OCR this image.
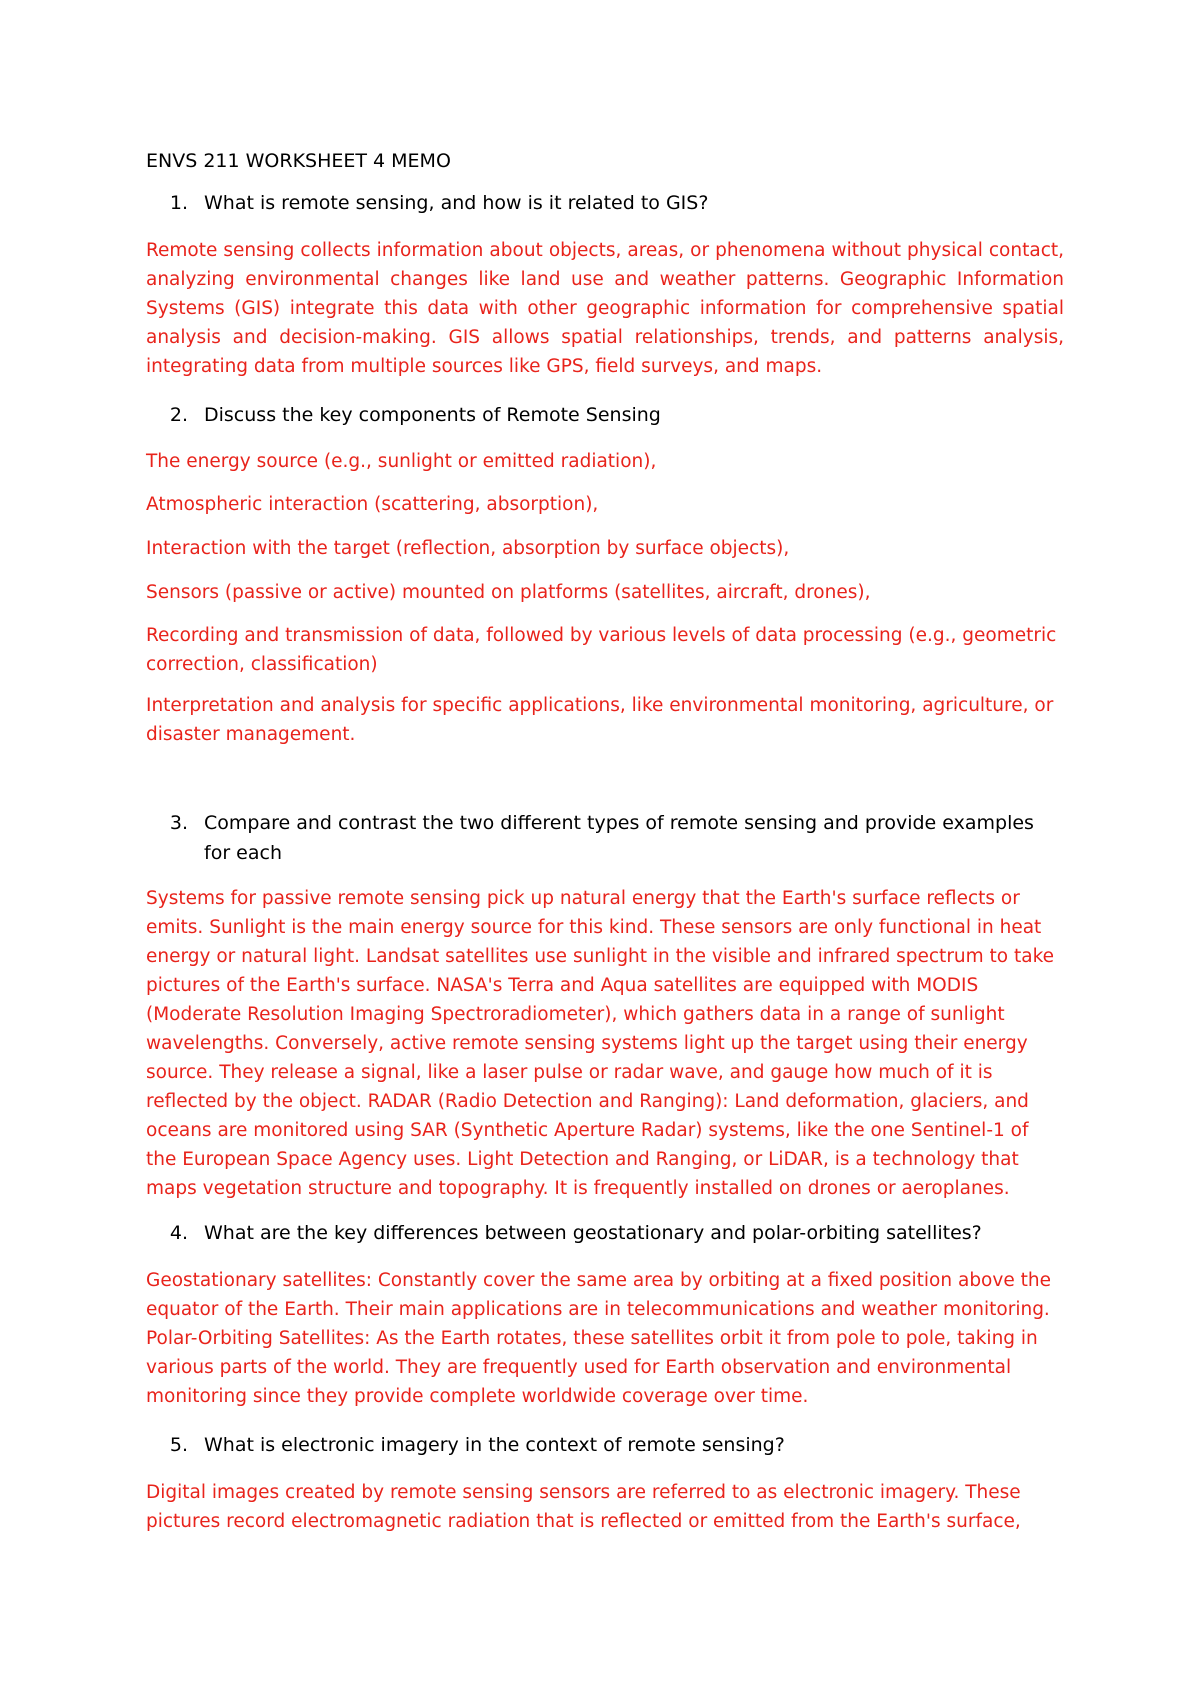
ENVS 211 WORKSHEET 4 MEMO

1. What is remote sensing, and how is it related to GIS?

Remote sensing collects information about objects, areas, or phenomena without physical contact, analyzing environmental changes like land use and weather patterns. Geographic Information Systems (GIS) integrate this data with other geographic information for comprehensive spatial analysis and decision-making. GIS allows spatial relationships, trends, and patterns analysis, integrating data from multiple sources like GPS, field surveys, and maps.

2. Discuss the key components of Remote Sensing

The energy source (e.g., sunlight or emitted radiation),

Atmospheric interaction (scattering, absorption),

Interaction with the target (reflection, absorption by surface objects),

Sensors (passive or active) mounted on platforms (satellites, aircraft, drones),

Recording and transmission of data, followed by various levels of data processing (e.g., geometric correction, classification)

Interpretation and analysis for specific applications, like environmental monitoring, agriculture, or disaster management.

3. Compare and contrast the two different types of remote sensing and provide examples for each

Systems for passive remote sensing pick up natural energy that the Earth's surface reflects or emits. Sunlight is the main energy source for this kind. These sensors are only functional in heat energy or natural light. Landsat satellites use sunlight in the visible and infrared spectrum to take pictures of the Earth's surface. NASA's Terra and Aqua satellites are equipped with MODIS (Moderate Resolution Imaging Spectroradiometer), which gathers data in a range of sunlight wavelengths. Conversely, active remote sensing systems light up the target using their energy source. They release a signal, like a laser pulse or radar wave, and gauge how much of it is reflected by the object. RADAR (Radio Detection and Ranging): Land deformation, glaciers, and oceans are monitored using SAR (Synthetic Aperture Radar) systems, like the one Sentinel-1 of the European Space Agency uses. Light Detection and Ranging, or LiDAR, is a technology that maps vegetation structure and topography. It is frequently installed on drones or aeroplanes.

4. What are the key differences between geostationary and polar-orbiting satellites?

Geostationary satellites: Constantly cover the same area by orbiting at a fixed position above the equator of the Earth. Their main applications are in telecommunications and weather monitoring. Polar-Orbiting Satellites: As the Earth rotates, these satellites orbit it from pole to pole, taking in various parts of the world. They are frequently used for Earth observation and environmental monitoring since they provide complete worldwide coverage over time.

5. What is electronic imagery in the context of remote sensing?

Digital images created by remote sensing sensors are referred to as electronic imagery. These pictures record electromagnetic radiation that is reflected or emitted from the Earth's surface,
